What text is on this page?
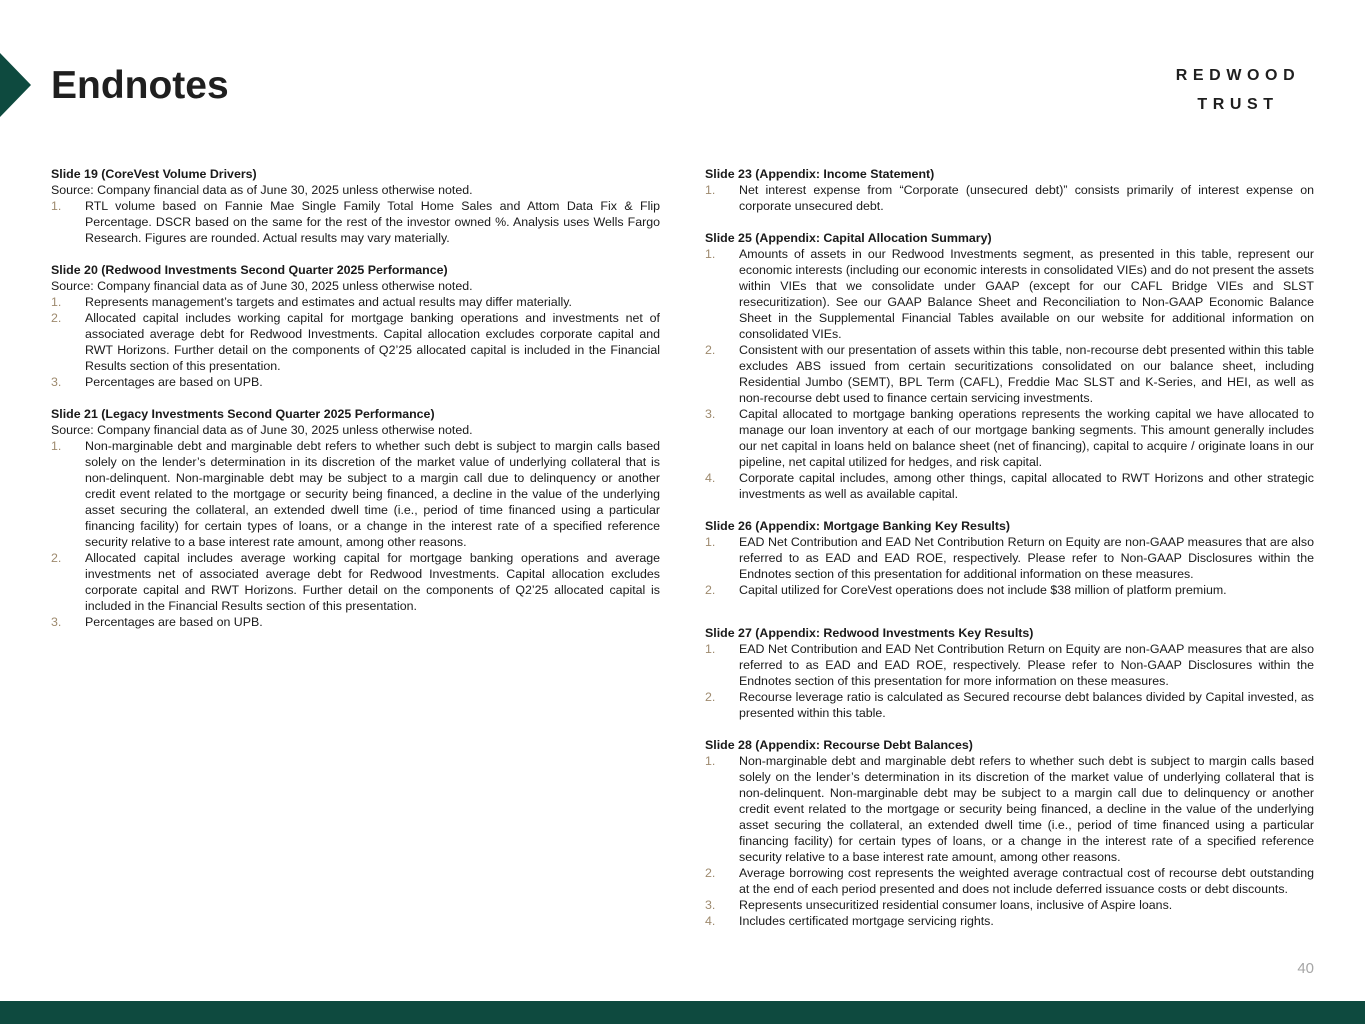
Endnotes	REDWOOD
TRUST
Slide 19 (CoreVest Volume Drivers)
Source: Company financial data as of June 30, 2025 unless otherwise noted.
1. RTL volume based on Fannie Mae Single Family Total Home Sales and Attom Data Fix & Flip Percentage. DSCR based on the same for the rest of the investor owned %. Analysis uses Wells Fargo Research. Figures are rounded. Actual results may vary materially.
Slide 20 (Redwood Investments Second Quarter 2025 Performance)
Source: Company financial data as of June 30, 2025 unless otherwise noted.
1. Represents management’s targets and estimates and actual results may differ materially.
2. Allocated capital includes working capital for mortgage banking operations and investments net of associated average debt for Redwood Investments. Capital allocation excludes corporate capital and RWT Horizons. Further detail on the components of Q2’25 allocated capital is included in the Financial Results section of this presentation.
3. Percentages are based on UPB.
Slide 21 (Legacy Investments Second Quarter 2025 Performance)
Source: Company financial data as of June 30, 2025 unless otherwise noted.
1. Non-marginable debt and marginable debt refers to whether such debt is subject to margin calls based solely on the lender’s determination in its discretion of the market value of underlying collateral that is non-delinquent. Non-marginable debt may be subject to a margin call due to delinquency or another credit event related to the mortgage or security being financed, a decline in the value of the underlying asset securing the collateral, an extended dwell time (i.e., period of time financed using a particular financing facility) for certain types of loans, or a change in the interest rate of a specified reference security relative to a base interest rate amount, among other reasons.
2. Allocated capital includes average working capital for mortgage banking operations and average investments net of associated average debt for Redwood Investments. Capital allocation excludes corporate capital and RWT Horizons. Further detail on the components of Q2’25 allocated capital is included in the Financial Results section of this presentation.
3. Percentages are based on UPB.
Slide 23 (Appendix: Income Statement)
1. Net interest expense from “Corporate (unsecured debt)” consists primarily of interest expense on corporate unsecured debt.
Slide 25 (Appendix: Capital Allocation Summary)
1. Amounts of assets in our Redwood Investments segment, as presented in this table, represent our economic interests (including our economic interests in consolidated VIEs) and do not present the assets within VIEs that we consolidate under GAAP (except for our CAFL Bridge VIEs and SLST resecuritization). See our GAAP Balance Sheet and Reconciliation to Non-GAAP Economic Balance Sheet in the Supplemental Financial Tables available on our website for additional information on consolidated VIEs.
2. Consistent with our presentation of assets within this table, non-recourse debt presented within this table excludes ABS issued from certain securitizations consolidated on our balance sheet, including Residential Jumbo (SEMT), BPL Term (CAFL), Freddie Mac SLST and K-Series, and HEI, as well as non-recourse debt used to finance certain servicing investments.
3. Capital allocated to mortgage banking operations represents the working capital we have allocated to manage our loan inventory at each of our mortgage banking segments. This amount generally includes our net capital in loans held on balance sheet (net of financing), capital to acquire / originate loans in our pipeline, net capital utilized for hedges, and risk capital.
4. Corporate capital includes, among other things, capital allocated to RWT Horizons and other strategic investments as well as available capital.
Slide 26 (Appendix: Mortgage Banking Key Results)
1. EAD Net Contribution and EAD Net Contribution Return on Equity are non-GAAP measures that are also referred to as EAD and EAD ROE, respectively. Please refer to Non-GAAP Disclosures within the Endnotes section of this presentation for additional information on these measures.
2. Capital utilized for CoreVest operations does not include $38 million of platform premium.
Slide 27 (Appendix: Redwood Investments Key Results)
1. EAD Net Contribution and EAD Net Contribution Return on Equity are non-GAAP measures that are also referred to as EAD and EAD ROE, respectively. Please refer to Non-GAAP Disclosures within the Endnotes section of this presentation for more information on these measures.
2. Recourse leverage ratio is calculated as Secured recourse debt balances divided by Capital invested, as presented within this table.
Slide 28 (Appendix: Recourse Debt Balances)
1. Non-marginable debt and marginable debt refers to whether such debt is subject to margin calls based solely on the lender’s determination in its discretion of the market value of underlying collateral that is non-delinquent. Non-marginable debt may be subject to a margin call due to delinquency or another credit event related to the mortgage or security being financed, a decline in the value of the underlying asset securing the collateral, an extended dwell time (i.e., period of time financed using a particular financing facility) for certain types of loans, or a change in the interest rate of a specified reference security relative to a base interest rate amount, among other reasons.
2. Average borrowing cost represents the weighted average contractual cost of recourse debt outstanding at the end of each period presented and does not include deferred issuance costs or debt discounts.
3. Represents unsecuritized residential consumer loans, inclusive of Aspire loans.
4. Includes certificated mortgage servicing rights.
40
